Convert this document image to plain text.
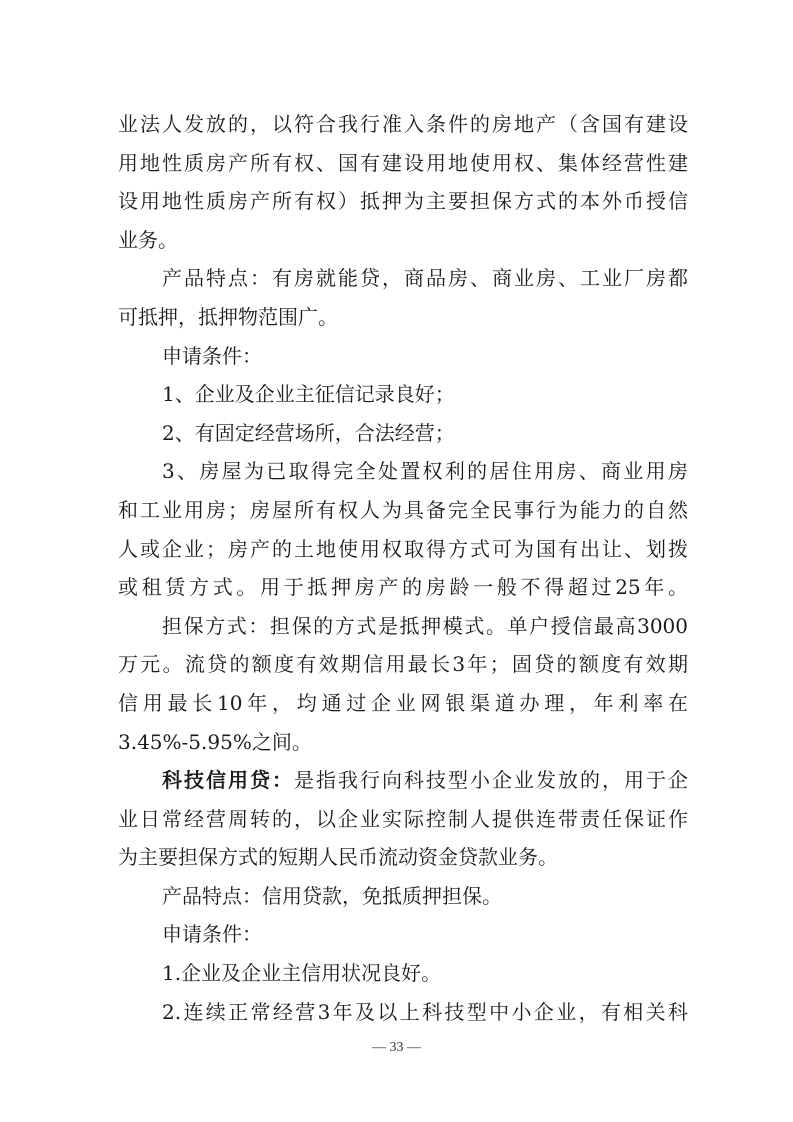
业法人发放的，以符合我行准入条件的房地产（含国有建设
用地性质房产所有权、国有建设用地使用权、集体经营性建
设用地性质房产所有权）抵押为主要担保方式的本外币授信
业务。
产品特点：有房就能贷，商品房、商业房、工业厂房都
可抵押，抵押物范围广。
申请条件：
1、企业及企业主征信记录良好；
2、有固定经营场所，合法经营；
3、房屋为已取得完全处置权利的居住用房、商业用房
和工业用房；房屋所有权人为具备完全民事行为能力的自然
人或企业；房产的土地使用权取得方式可为国有出让、划拨
或租赁方式。用于抵押房产的房龄一般不得超过25年。
担保方式：担保的方式是抵押模式。单户授信最高3000
万元。流贷的额度有效期信用最长3年；固贷的额度有效期
信用最长10年，均通过企业网银渠道办理，年利率在
3.45%-5.95%之间。
科技信用贷：是指我行向科技型小企业发放的，用于企
业日常经营周转的，以企业实际控制人提供连带责任保证作
为主要担保方式的短期人民币流动资金贷款业务。
产品特点：信用贷款，免抵质押担保。
申请条件：
1.企业及企业主信用状况良好。
2.连续正常经营3年及以上科技型中小企业，有相关科
— 33 —
